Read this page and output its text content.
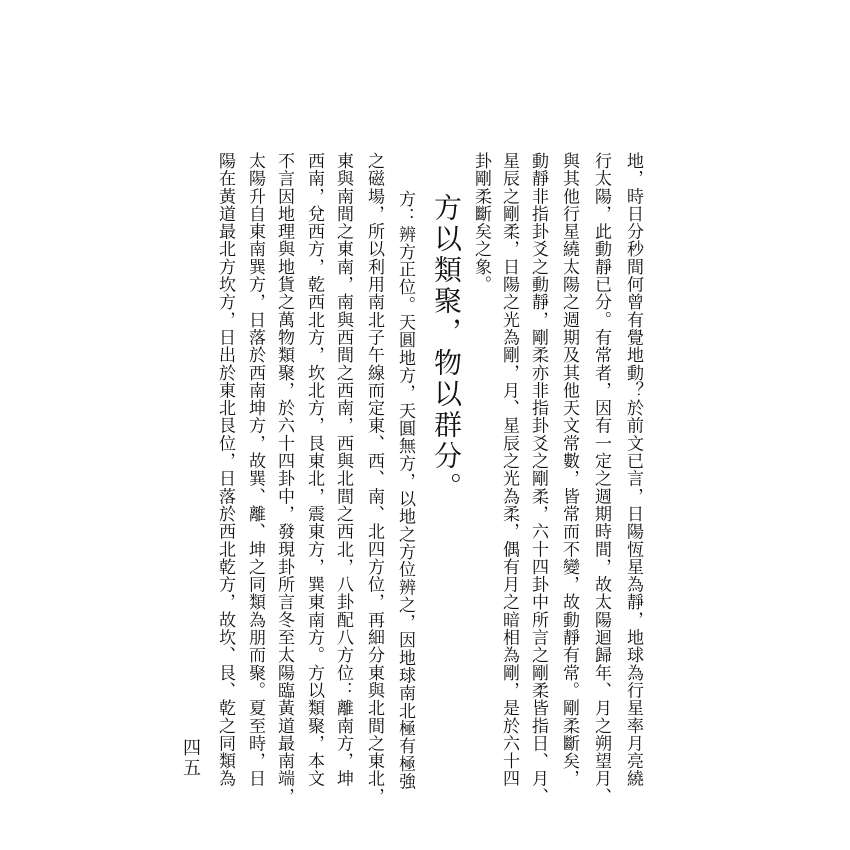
地，時日分秒間何曾有覺地動？於前文已言，日陽恆星為靜，地球為行星率月亮繞
行太陽，此動靜已分。有常者，因有一定之週期時間，故太陽迴歸年、月之朔望月、
與其他行星繞太陽之週期及其他天文常數，皆常而不變，故動靜有常。剛柔斷矣，
動靜非指卦爻之動靜，剛柔亦非指卦爻之剛柔，六十四卦中所言之剛柔皆指日、月、
星辰之剛柔，日陽之光為剛，月、星辰之光為柔，偶有月之暗相為剛，是於六十四
卦剛柔斷矣之象。
方以類聚，物以群分。
方：辨方正位。天圓地方，天圓無方，以地之方位辨之，因地球南北極有極強
之磁場，所以利用南北子午線而定東、西、南、北四方位，再細分東與北間之東北，
東與南間之東南，南與西間之西南，西與北間之西北，八卦配八方位：離南方，坤
西南，兌西方，乾西北方，坎北方，艮東北，震東方，巽東南方。方以類聚，本文
不言因地理與地貨之萬物類聚，於六十四卦中，發現卦所言冬至太陽臨黃道最南端，
太陽升自東南巽方，日落於西南坤方，故巽、離、坤之同類為朋而聚。夏至時，日
陽在黃道最北方坎方，日出於東北艮位，日落於西北乾方，故坎、艮、乾之同類為
四五
